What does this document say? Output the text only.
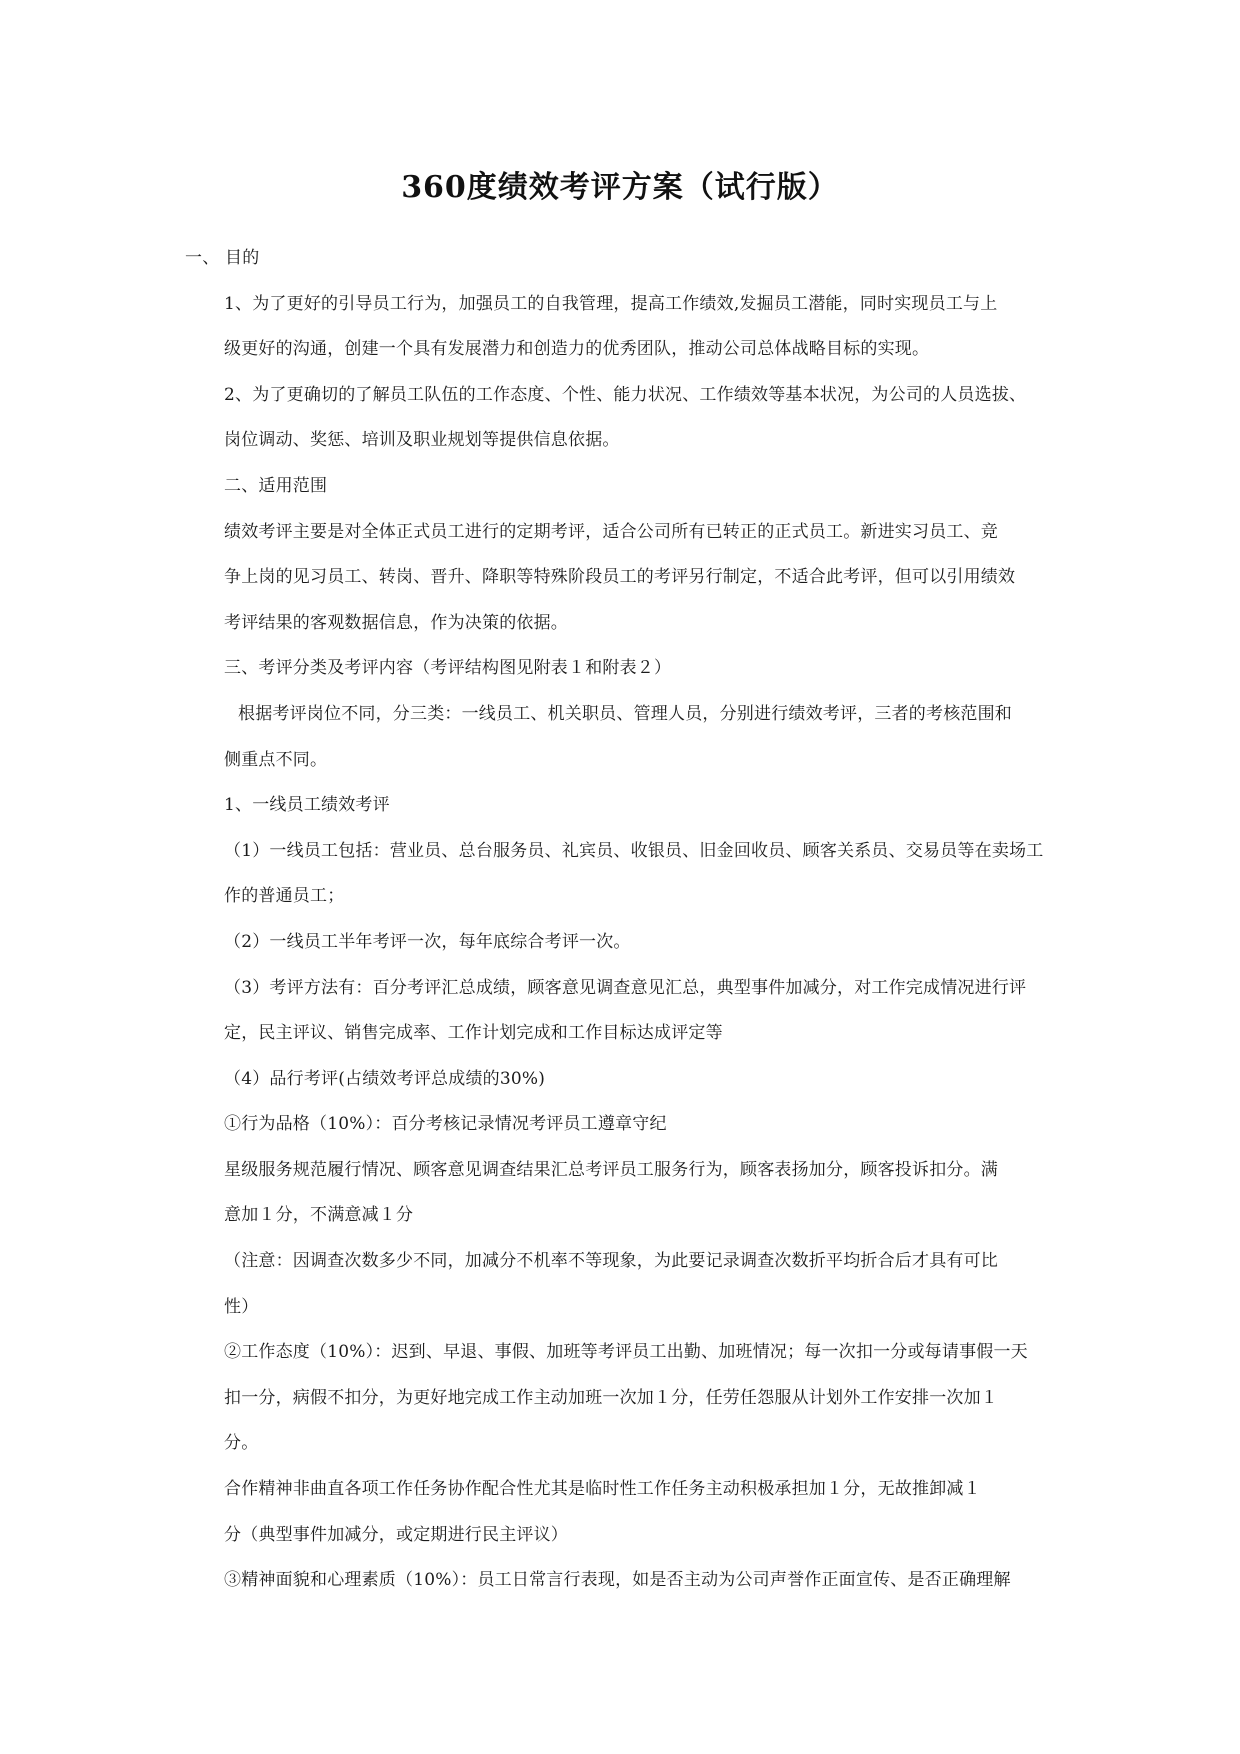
360度绩效考评方案（试行版）
一、 目的
1、为了更好的引导员工行为，加强员工的自我管理，提高工作绩效,发掘员工潜能，同时实现员工与上
级更好的沟通，创建一个具有发展潜力和创造力的优秀团队，推动公司总体战略目标的实现。
2、为了更确切的了解员工队伍的工作态度、个性、能力状况、工作绩效等基本状况，为公司的人员选拔、
岗位调动、奖惩、培训及职业规划等提供信息依据。
二、适用范围
绩效考评主要是对全体正式员工进行的定期考评，适合公司所有已转正的正式员工。新进实习员工、竞
争上岗的见习员工、转岗、晋升、降职等特殊阶段员工的考评另行制定，不适合此考评，但可以引用绩效
考评结果的客观数据信息，作为决策的依据。
三、考评分类及考评内容（考评结构图见附表１和附表２）
根据考评岗位不同，分三类：一线员工、机关职员、管理人员，分别进行绩效考评，三者的考核范围和
侧重点不同。
1、一线员工绩效考评
（1）一线员工包括：营业员、总台服务员、礼宾员、收银员、旧金回收员、顾客关系员、交易员等在卖场工
作的普通员工；
（2）一线员工半年考评一次，每年底综合考评一次。
（3）考评方法有：百分考评汇总成绩，顾客意见调查意见汇总，典型事件加减分，对工作完成情况进行评
定，民主评议、销售完成率、工作计划完成和工作目标达成评定等
（4）品行考评(占绩效考评总成绩的30%)
①行为品格（10%）：百分考核记录情况考评员工遵章守纪
星级服务规范履行情况、顾客意见调查结果汇总考评员工服务行为，顾客表扬加分，顾客投诉扣分。满
意加１分，不满意减１分
（注意：因调查次数多少不同，加减分不机率不等现象，为此要记录调查次数折平均折合后才具有可比
性）
②工作态度（10%）：迟到、早退、事假、加班等考评员工出勤、加班情况；每一次扣一分或每请事假一天
扣一分，病假不扣分，为更好地完成工作主动加班一次加１分，任劳任怨服从计划外工作安排一次加１
分。
合作精神非曲直各项工作任务协作配合性尤其是临时性工作任务主动积极承担加１分，无故推卸减１
分（典型事件加减分，或定期进行民主评议）
③精神面貌和心理素质（10%）：员工日常言行表现，如是否主动为公司声誉作正面宣传、是否正确理解
